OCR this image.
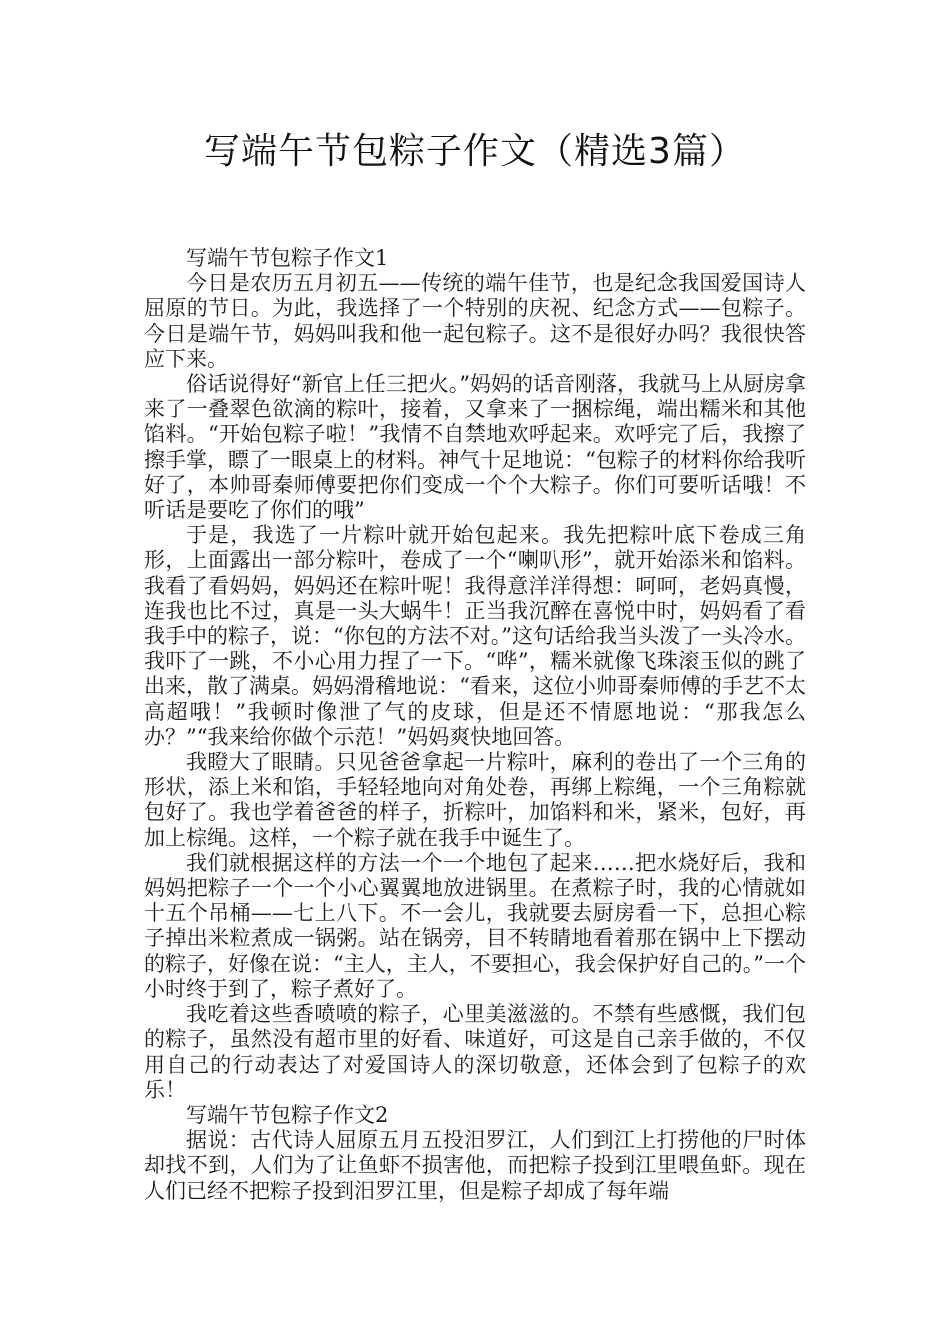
写端午节包粽子作文（精选3篇）

写端午节包粽子作文1

今日是农历五月初五——传统的端午佳节，也是纪念我国爱国诗人屈原的节日。为此，我选择了一个特别的庆祝、纪念方式——包粽子。今日是端午节，妈妈叫我和他一起包粽子。这不是很好办吗？我很快答应下来。

俗话说得好“新官上任三把火。”妈妈的话音刚落，我就马上从厨房拿来了一叠翠色欲滴的粽叶，接着，又拿来了一捆棕绳，端出糯米和其他馅料。“开始包粽子啦！”我情不自禁地欢呼起来。欢呼完了后，我擦了擦手掌，瞟了一眼桌上的材料。神气十足地说：“包粽子的材料你给我听好了，本帅哥秦师傅要把你们变成一个个大粽子。你们可要听话哦！不听话是要吃了你们的哦”

于是，我选了一片粽叶就开始包起来。我先把粽叶底下卷成三角形，上面露出一部分粽叶，卷成了一个“喇叭形”，就开始添米和馅料。我看了看妈妈，妈妈还在粽叶呢！我得意洋洋得想：呵呵，老妈真慢，连我也比不过，真是一头大蜗牛！正当我沉醉在喜悦中时，妈妈看了看我手中的粽子，说：“你包的方法不对。”这句话给我当头泼了一头冷水。我吓了一跳，不小心用力捏了一下。“哗”，糯米就像飞珠滚玉似的跳了出来，散了满桌。妈妈滑稽地说：“看来，这位小帅哥秦师傅的手艺不太高超哦！”我顿时像泄了气的皮球，但是还不情愿地说：“那我怎么办？”“我来给你做个示范！”妈妈爽快地回答。

我瞪大了眼睛。只见爸爸拿起一片粽叶，麻利的卷出了一个三角的形状，添上米和馅，手轻轻地向对角处卷，再绑上粽绳，一个三角粽就包好了。我也学着爸爸的样子，折粽叶，加馅料和米，紧米，包好，再加上棕绳。这样，一个粽子就在我手中诞生了。

我们就根据这样的方法一个一个地包了起来……把水烧好后，我和妈妈把粽子一个一个小心翼翼地放进锅里。在煮粽子时，我的心情就如十五个吊桶——七上八下。不一会儿，我就要去厨房看一下，总担心粽子掉出米粒煮成一锅粥。站在锅旁，目不转睛地看着那在锅中上下摆动的粽子，好像在说：“主人，主人，不要担心，我会保护好自己的。”一个小时终于到了，粽子煮好了。

我吃着这些香喷喷的粽子，心里美滋滋的。不禁有些感慨，我们包的粽子，虽然没有超市里的好看、味道好，可这是自己亲手做的，不仅用自己的行动表达了对爱国诗人的深切敬意，还体会到了包粽子的欢乐！

写端午节包粽子作文2

据说：古代诗人屈原五月五投汨罗江，人们到江上打捞他的尸时体却找不到，人们为了让鱼虾不损害他，而把粽子投到江里喂鱼虾。现在人们已经不把粽子投到汨罗江里，但是粽子却成了每年端
